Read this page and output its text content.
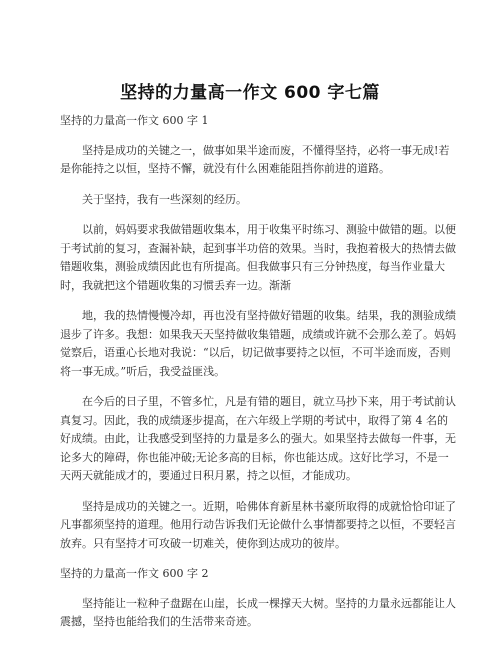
坚持的力量高一作文 600 字七篇

坚持的力量高一作文 600 字 1

坚持是成功的关键之一，做事如果半途而废，不懂得坚持，必将一事无成!若是你能持之以恒，坚持不懈，就没有什么困难能阻挡你前进的道路。

关于坚持，我有一些深刻的经历。

以前，妈妈要求我做错题收集本，用于收集平时练习、测验中做错的题。以便于考试前的复习，查漏补缺，起到事半功倍的效果。当时，我抱着极大的热情去做错题收集，测验成绩因此也有所提高。但我做事只有三分钟热度，每当作业量大时，我就把这个错题收集的习惯丢弃一边。渐渐

地，我的热情慢慢冷却，再也没有坚持做好错题的收集。结果，我的测验成绩退步了许多。我想：如果我天天坚持做收集错题，成绩或许就不会那么差了。妈妈觉察后，语重心长地对我说：“以后，切记做事要持之以恒，不可半途而废，否则将一事无成。”听后，我受益匪浅。

在今后的日子里，不管多忙，凡是有错的题目，就立马抄下来，用于考试前认真复习。因此，我的成绩逐步提高，在六年级上学期的考试中，取得了第 4 名的好成绩。由此，让我感受到坚持的力量是多么的强大。如果坚持去做每一件事，无论多大的障碍，你也能冲破;无论多高的目标，你也能达成。这好比学习，不是一天两天就能成才的，要通过日积月累，持之以恒，才能成功。

坚持是成功的关键之一。近期，哈佛体育新星林书豪所取得的成就恰恰印证了凡事都须坚持的道理。他用行动告诉我们无论做什么事情都要持之以恒，不要轻言放弃。只有坚持才可攻破一切难关，使你到达成功的彼岸。

坚持的力量高一作文 600 字 2

坚持能让一粒种子盘踞在山崖，长成一棵撑天大树。坚持的力量永远都能让人震撼，坚持也能给我们的生活带来奇迹。
